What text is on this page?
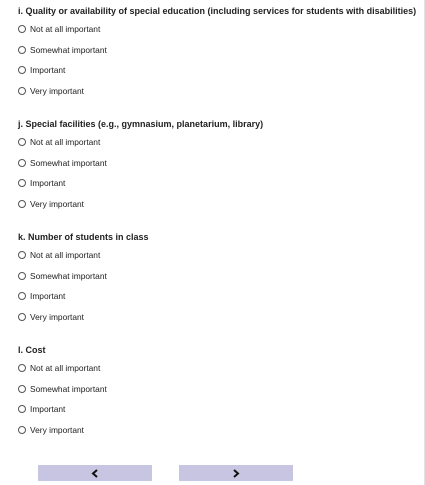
i. Quality or availability of special education (including services for students with disabilities)

Not at all important
Somewhat important
Important
Very important

j. Special facilities (e.g., gymnasium, planetarium, library)

Not at all important
Somewhat important
Important
Very important

k. Number of students in class

Not at all important
Somewhat important
Important
Very important

l. Cost

Not at all important
Somewhat important
Important
Very important
